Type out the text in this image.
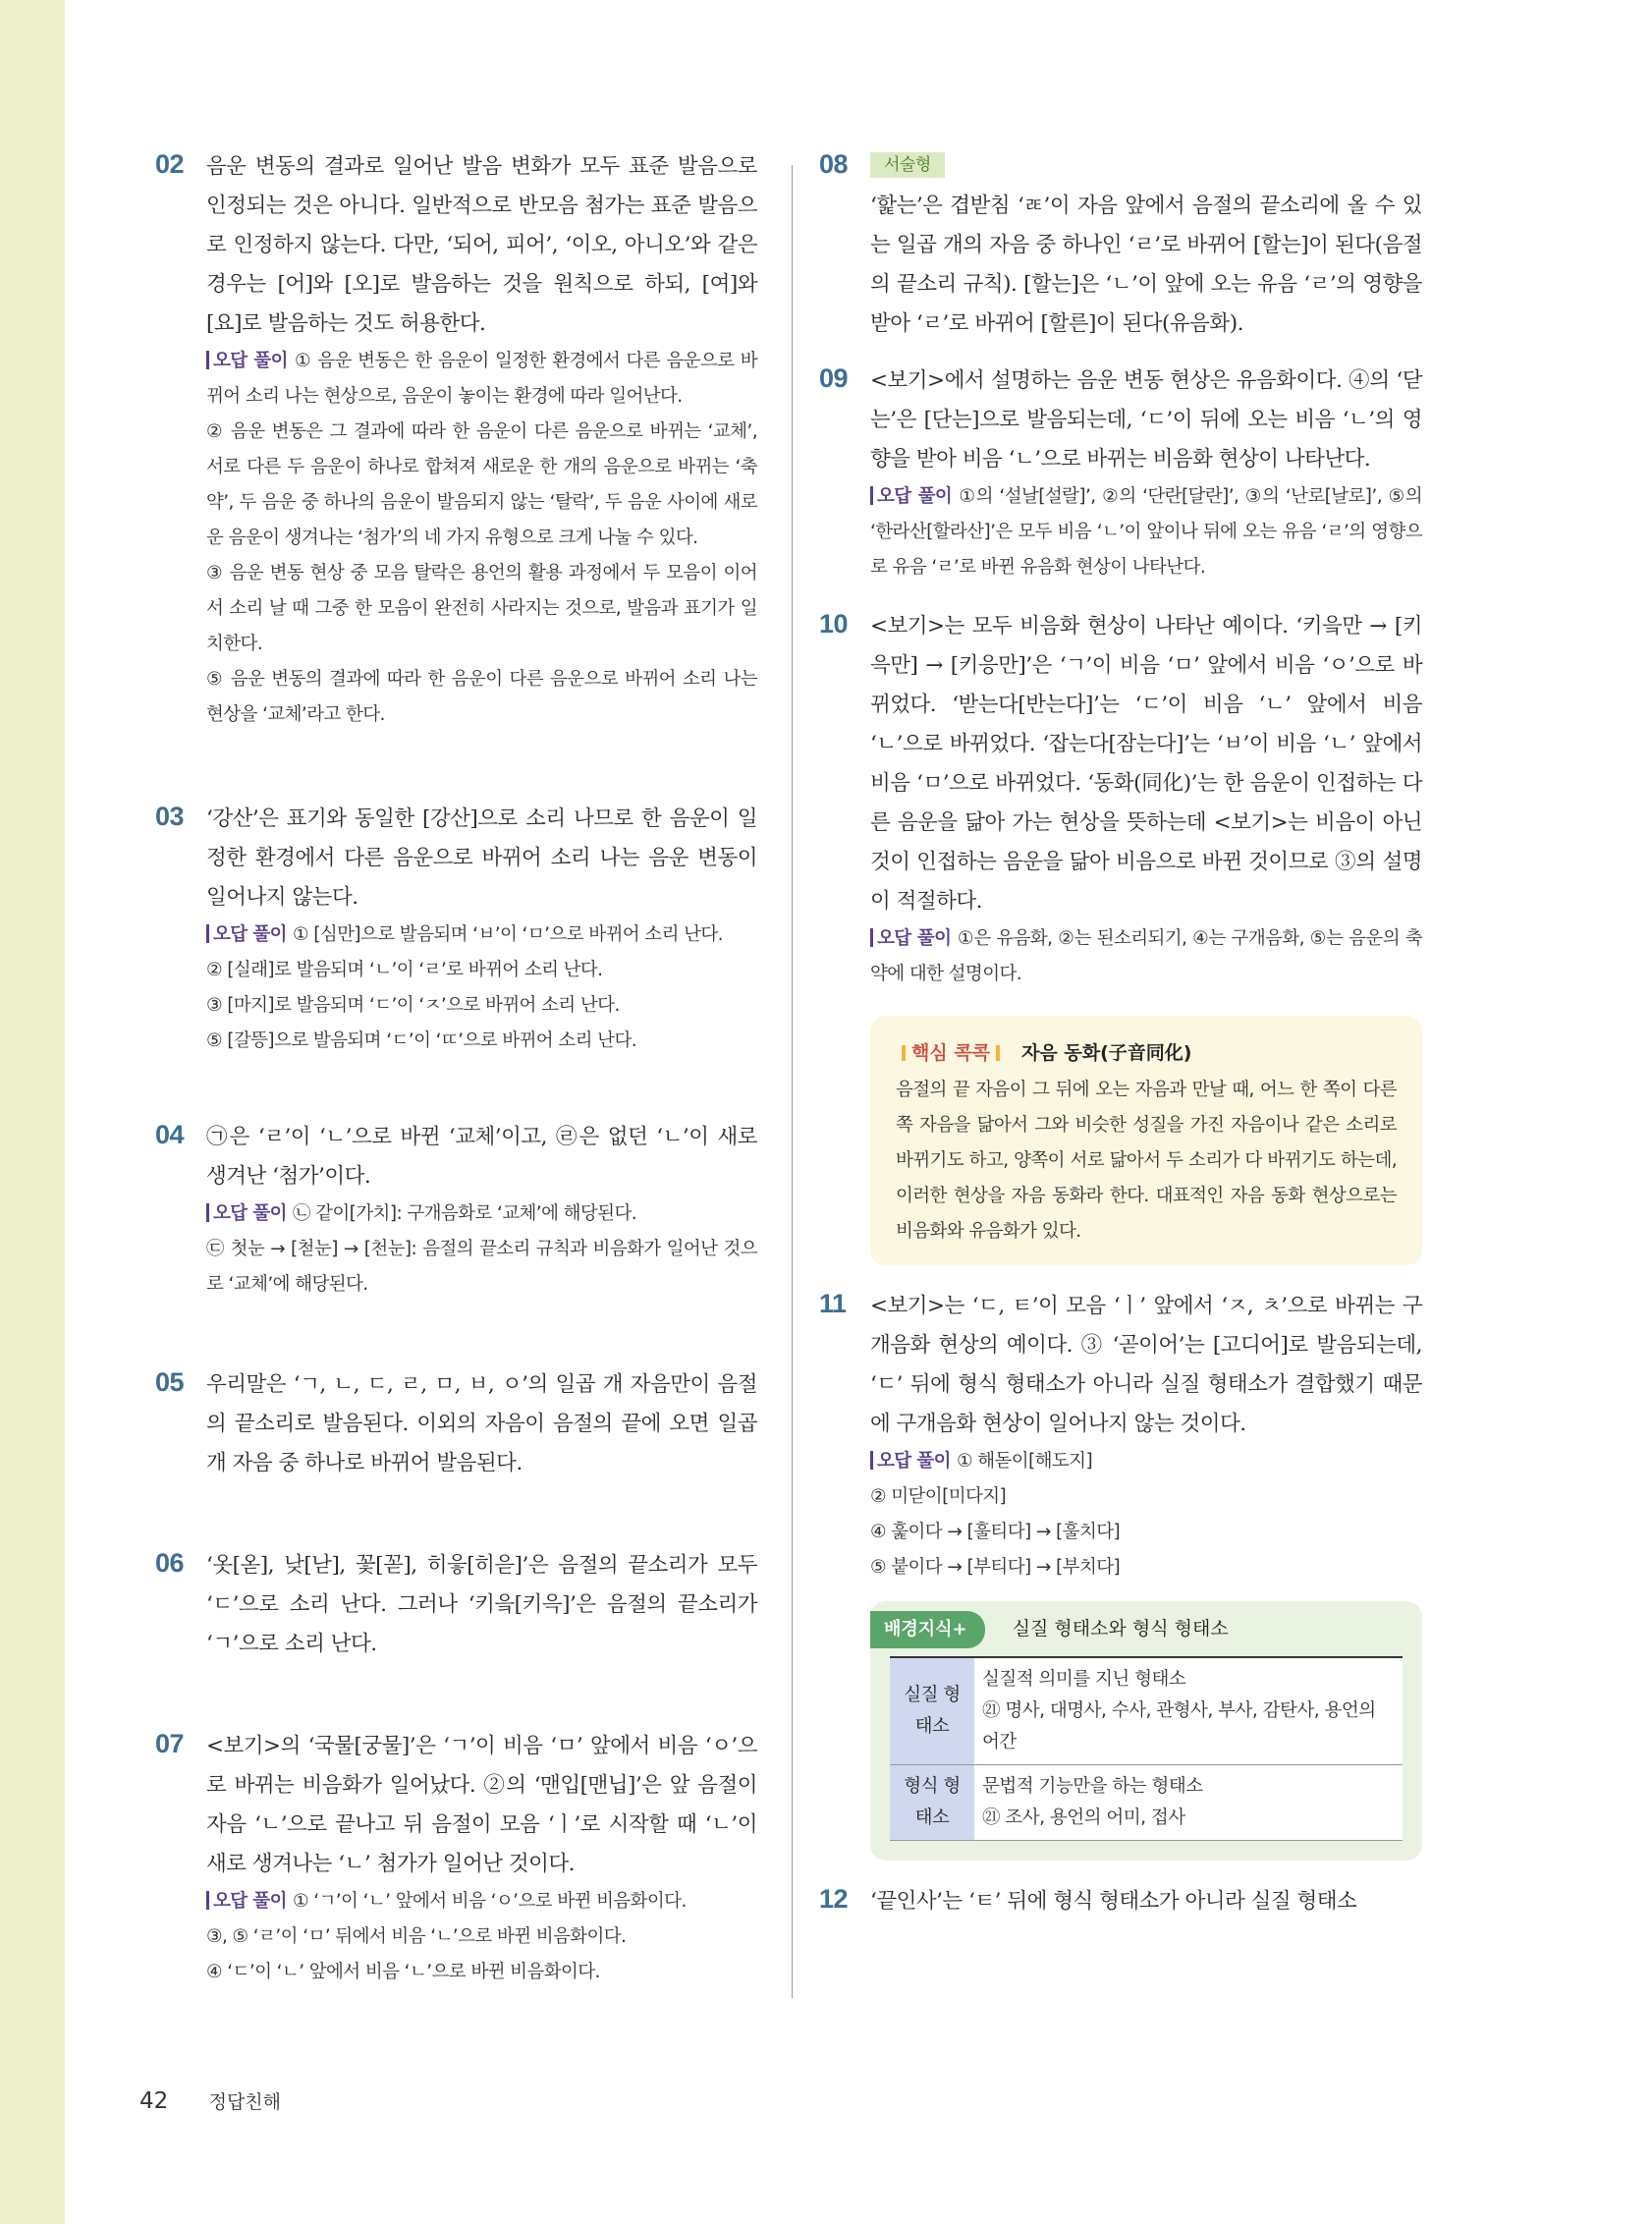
02 음운 변동의 결과로 일어난 발음 변화가 모두 표준 발음으로 인정되는 것은 아니다. 일반적으로 반모음 첨가는 표준 발음으로 인정하지 않는다. 다만, ‘되어, 피어’, ‘이오, 아니오’와 같은 경우는 [어]와 [오]로 발음하는 것을 원칙으로 하되, [여]와 [요]로 발음하는 것도 허용한다.
오답 풀이 ① 음운 변동은 한 음운이 일정한 환경에서 다른 음운으로 바뀌어 소리 나는 현상으로, 음운이 놓이는 환경에 따라 일어난다.
② 음운 변동은 그 결과에 따라 한 음운이 다른 음운으로 바뀌는 ‘교체’, 서로 다른 두 음운이 하나로 합쳐져 새로운 한 개의 음운으로 바뀌는 ‘축약’, 두 음운 중 하나의 음운이 발음되지 않는 ‘탈락’, 두 음운 사이에 새로운 음운이 생겨나는 ‘첨가’의 네 가지 유형으로 크게 나눌 수 있다.
③ 음운 변동 현상 중 모음 탈락은 용언의 활용 과정에서 두 모음이 이어서 소리 날 때 그중 한 모음이 완전히 사라지는 것으로, 발음과 표기가 일치한다.
⑤ 음운 변동의 결과에 따라 한 음운이 다른 음운으로 바뀌어 소리 나는 현상을 ‘교체’라고 한다.
03 ‘강산’은 표기와 동일한 [강산]으로 소리 나므로 한 음운이 일정한 환경에서 다른 음운으로 바뀌어 소리 나는 음운 변동이 일어나지 않는다.
오답 풀이 ① [심만]으로 발음되며 ‘ㅂ’이 ‘ㅁ’으로 바뀌어 소리 난다.
② [실래]로 발음되며 ‘ㄴ’이 ‘ㄹ’로 바뀌어 소리 난다.
③ [마지]로 발음되며 ‘ㄷ’이 ‘ㅈ’으로 바뀌어 소리 난다.
⑤ [갈뜽]으로 발음되며 ‘ㄷ’이 ‘ㄸ’으로 바뀌어 소리 난다.
04 ㉠은 ‘ㄹ’이 ‘ㄴ’으로 바뀐 ‘교체’이고, ㉣은 없던 ‘ㄴ’이 새로 생겨난 ‘첨가’이다.
오답 풀이 ㉡ 같이[가치]: 구개음화로 ‘교체’에 해당된다.
㉢ 첫눈 → [첟눈] → [천눈]: 음절의 끝소리 규칙과 비음화가 일어난 것으로 ‘교체’에 해당된다.
05 우리말은 ‘ㄱ, ㄴ, ㄷ, ㄹ, ㅁ, ㅂ, ㅇ’의 일곱 개 자음만이 음절의 끝소리로 발음된다. 이외의 자음이 음절의 끝에 오면 일곱 개 자음 중 하나로 바뀌어 발음된다.
06 ‘옷[옫], 낮[낟], 꽃[꼳], 히읗[히읃]’은 음절의 끝소리가 모두 ‘ㄷ’으로 소리 난다. 그러나 ‘키읔[키윽]’은 음절의 끝소리가 ‘ㄱ’으로 소리 난다.
07 <보기>의 ‘국물[궁물]’은 ‘ㄱ’이 비음 ‘ㅁ’ 앞에서 비음 ‘ㅇ’으로 바뀌는 비음화가 일어났다. ②의 ‘맨입[맨닙]’은 앞 음절이 자음 ‘ㄴ’으로 끝나고 뒤 음절이 모음 ‘ㅣ’로 시작할 때 ‘ㄴ’이 새로 생겨나는 ‘ㄴ’ 첨가가 일어난 것이다.
오답 풀이 ① ‘ㄱ’이 ‘ㄴ’ 앞에서 비음 ‘ㅇ’으로 바뀐 비음화이다.
③, ⑤ ‘ㄹ’이 ‘ㅁ’ 뒤에서 비음 ‘ㄴ’으로 바뀐 비음화이다.
④ ‘ㄷ’이 ‘ㄴ’ 앞에서 비음 ‘ㄴ’으로 바뀐 비음화이다.
08	서술형
‘핥는’은 겹받침 ‘ㄾ’이 자음 앞에서 음절의 끝소리에 올 수 있는 일곱 개의 자음 중 하나인 ‘ㄹ’로 바뀌어 [할는]이 된다(음절의 끝소리 규칙). [할는]은 ‘ㄴ’이 앞에 오는 유음 ‘ㄹ’의 영향을 받아 ‘ㄹ’로 바뀌어 [할른]이 된다(유음화).
09 <보기>에서 설명하는 음운 변동 현상은 유음화이다. ④의 ‘닫는’은 [단는]으로 발음되는데, ‘ㄷ’이 뒤에 오는 비음 ‘ㄴ’의 영향을 받아 비음 ‘ㄴ’으로 바뀌는 비음화 현상이 나타난다.
오답 풀이 ①의 ‘설날[설랄]’, ②의 ‘단란[달란]’, ③의 ‘난로[날로]’, ⑤의 ‘한라산[할라산]’은 모두 비음 ‘ㄴ’이 앞이나 뒤에 오는 유음 ‘ㄹ’의 영향으로 유음 ‘ㄹ’로 바뀐 유음화 현상이 나타난다.
10 <보기>는 모두 비음화 현상이 나타난 예이다. ‘키읔만 → [키윽만] → [키응만]’은 ‘ㄱ’이 비음 ‘ㅁ’ 앞에서 비음 ‘ㅇ’으로 바뀌었다. ‘받는다[반는다]’는 ‘ㄷ’이 비음 ‘ㄴ’ 앞에서 비음 ‘ㄴ’으로 바뀌었다. ‘잡는다[잠는다]’는 ‘ㅂ’이 비음 ‘ㄴ’ 앞에서 비음 ‘ㅁ’으로 바뀌었다. ‘동화(同化)’는 한 음운이 인접하는 다른 음운을 닮아 가는 현상을 뜻하는데 <보기>는 비음이 아닌 것이 인접하는 음운을 닮아 비음으로 바뀐 것이므로 ③의 설명이 적절하다.
오답 풀이 ①은 유음화, ②는 된소리되기, ④는 구개음화, ⑤는 음운의 축약에 대한 설명이다.
핵심 콕콕 자음 동화(子音同化)
음절의 끝 자음이 그 뒤에 오는 자음과 만날 때, 어느 한 쪽이 다른 쪽 자음을 닮아서 그와 비슷한 성질을 가진 자음이나 같은 소리로 바뀌기도 하고, 양쪽이 서로 닮아서 두 소리가 다 바뀌기도 하는데, 이러한 현상을 자음 동화라 한다. 대표적인 자음 동화 현상으로는 비음화와 유음화가 있다.
11 <보기>는 ‘ㄷ, ㅌ’이 모음 ‘ㅣ’ 앞에서 ‘ㅈ, ㅊ’으로 바뀌는 구개음화 현상의 예이다. ③ ‘곧이어’는 [고디어]로 발음되는데, ‘ㄷ’ 뒤에 형식 형태소가 아니라 실질 형태소가 결합했기 때문에 구개음화 현상이 일어나지 않는 것이다.
오답 풀이 ① 해돋이[해도지]
② 미닫이[미다지]
④ 훑이다 → [훌티다] → [훌치다]
⑤ 붙이다 → [부티다] → [부치다]
배경지식+ 실질 형태소와 형식 형태소
실질 형태소	실질적 의미를 지닌 형태소
㉑ 명사, 대명사, 수사, 관형사, 부사, 감탄사, 용언의 어간
형식 형태소	문법적 기능만을 하는 형태소
㉑ 조사, 용언의 어미, 접사
12 ‘끝인사’는 ‘ㅌ’ 뒤에 형식 형태소가 아니라 실질 형태소
42 정답친해
